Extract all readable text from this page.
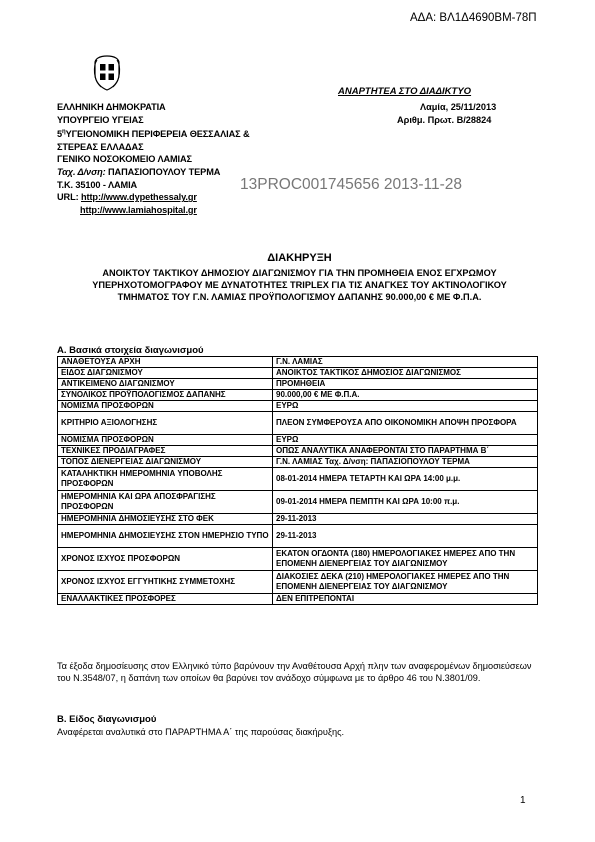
ΑΔΑ: ΒΛ1Δ4690ΒΜ-78Π
ΑΝΑΡΤΗΤΕΑ ΣΤΟ ΔΙΑΔΙΚΤΥΟ
ΕΛΛΗΝΙΚΗ ΔΗΜΟΚΡΑΤΙΑ
ΥΠΟΥΡΓΕΙΟ ΥΓΕΙΑΣ
$5^\eta\Upsilon\Gamma EIONOMIKH$ ΠΕΡΙΦΕΡΕΙΑ ΘΕΣΣΑΛΙΑΣ &
ΣΤΕΡΕΑΣ ΕΛΛΑΔΑΣ
ΓΕΝΙΚΟ ΝΟΣΟΚΟΜΕΙΟ ΛΑΜΙΑΣ
Ταχ. Δ/νση: ΠΑΠΑΣΙΟΠΟΥΛΟΥ ΤΕΡΜΑ
Τ.Κ. 35100 - ΛΑΜΙΑ
URL: http://www.dypethessaly.gr
http://www.lamiahospital.gr
Λαμία, 25/11/2013
Αριθμ. Πρωτ. Β/28824
13PROC001745656 2013-11-28
ΔΙΑΚΗΡΥΞΗ
ΑΝΟΙΚΤΟΥ ΤΑΚΤΙΚΟΥ ΔΗΜΟΣΙΟΥ ΔΙΑΓΩΝΙΣΜΟΥ ΓΙΑ ΤΗΝ ΠΡΟΜΗΘΕΙΑ ΕΝΟΣ ΕΓΧΡΩΜΟΥ
ΥΠΕΡΗΧΟΤΟΜΟΓΡΑΦΟΥ ΜΕ ΔΥΝΑΤΟΤΗΤΕΣ TRIPLEX ΓΙΑ ΤΙΣ ΑΝΑΓΚΕΣ ΤΟΥ ΑΚΤΙΝΟΛΟΓΙΚΟΥ
ΤΜΗΜΑΤΟΣ ΤΟΥ Γ.Ν. ΛΑΜΙΑΣ ΠΡΟΫΠΟΛΟΓΙΣΜΟΥ ΔΑΠΑΝΗΣ 90.000,00 € ΜΕ Φ.Π.Α.
Α. Βασικά στοιχεία διαγωνισμού
ΑΝΑΘΕΤΟΥΣΑ ΑΡΧΗ	Γ.Ν. ΛΑΜΙΑΣ
ΕΙΔΟΣ ΔΙΑΓΩΝΙΣΜΟΥ	ΑΝΟΙΚΤΟΣ ΤΑΚΤΙΚΟΣ ΔΗΜΟΣΙΟΣ ΔΙΑΓΩΝΙΣΜΟΣ
ΑΝΤΙΚΕΙΜΕΝΟ ΔΙΑΓΩΝΙΣΜΟΥ	ΠΡΟΜΗΘΕΙΑ
ΣΥΝΟΛΙΚΟΣ ΠΡΟΫΠΟΛΟΓΙΣΜΟΣ ΔΑΠΑΝΗΣ	90.000,00 € ΜΕ Φ.Π.Α.
ΝΟΜΙΣΜΑ ΠΡΟΣΦΟΡΩΝ	ΕΥΡΩ
ΚΡΙΤΗΡΙΟ ΑΞΙΟΛΟΓΗΣΗΣ	ΠΛΕΟΝ ΣΥΜΦΕΡΟΥΣΑ ΑΠΟ ΟΙΚΟΝΟΜΙΚΗ ΑΠΟΨΗ ΠΡΟΣΦΟΡΑ
ΝΟΜΙΣΜΑ ΠΡΟΣΦΟΡΩΝ	ΕΥΡΩ
ΤΕΧΝΙΚΕΣ ΠΡΟΔΙΑΓΡΑΦΕΣ	ΟΠΩΣ ΑΝΑΛΥΤΙΚΑ ΑΝΑΦΕΡΟΝΤΑΙ ΣΤΟ ΠΑΡΑΡΤΗΜΑ Β΄
ΤΟΠΟΣ ΔΙΕΝΕΡΓΕΙΑΣ ΔΙΑΓΩΝΙΣΜΟΥ	Γ.Ν. ΛΑΜΙΑΣ Ταχ. Δ/νση: ΠΑΠΑΣΙΟΠΟΥΛΟΥ ΤΕΡΜΑ
ΚΑΤΑΛΗΚΤΙΚΗ ΗΜΕΡΟΜΗΝΙΑ ΥΠΟΒΟΛΗΣ ΠΡΟΣΦΟΡΩΝ	08-01-2014 ΗΜΕΡΑ ΤΕΤΑΡΤΗ ΚΑΙ ΩΡΑ 14:00 μ.μ.
ΗΜΕΡΟΜΗΝΙΑ ΚΑΙ ΩΡΑ ΑΠΟΣΦΡΑΓΙΣΗΣ ΠΡΟΣΦΟΡΩΝ	09-01-2014 ΗΜΕΡΑ ΠΕΜΠΤΗ ΚΑΙ ΩΡΑ 10:00 π.μ.
ΗΜΕΡΟΜΗΝΙΑ ΔΗΜΟΣΙΕΥΣΗΣ ΣΤΟ ΦΕΚ	29-11-2013
ΗΜΕΡΟΜΗΝΙΑ ΔΗΜΟΣΙΕΥΣΗΣ ΣΤΟΝ ΗΜΕΡΗΣΙΟ ΤΥΠΟ	29-11-2013
ΧΡΟΝΟΣ ΙΣΧΥΟΣ ΠΡΟΣΦΟΡΩΝ	ΕΚΑΤΟΝ ΟΓΔΟΝΤΑ (180) ΗΜΕΡΟΛΟΓΙΑΚΕΣ ΗΜΕΡΕΣ ΑΠΟ ΤΗΝ ΕΠΟΜΕΝΗ ΔΙΕΝΕΡΓΕΙΑΣ ΤΟΥ ΔΙΑΓΩΝΙΣΜΟΥ
ΧΡΟΝΟΣ ΙΣΧΥΟΣ ΕΓΓΥΗΤΙΚΗΣ ΣΥΜΜΕΤΟΧΗΣ	ΔΙΑΚΟΣΙΕΣ ΔΕΚΑ (210) ΗΜΕΡΟΛΟΓΙΑΚΕΣ ΗΜΕΡΕΣ ΑΠΟ ΤΗΝ ΕΠΟΜΕΝΗ ΔΙΕΝΕΡΓΕΙΑΣ ΤΟΥ ΔΙΑΓΩΝΙΣΜΟΥ
ΕΝΑΛΛΑΚΤΙΚΕΣ ΠΡΟΣΦΟΡΕΣ	ΔΕΝ ΕΠΙΤΡΕΠΟΝΤΑΙ
Τα έξοδα δημοσίευσης στον Ελληνικό τύπο βαρύνουν την Αναθέτουσα Αρχή πλην των αναφερομένων δημοσιεύσεων του Ν.3548/07, η δαπάνη των οποίων θα βαρύνει τον ανάδοχο σύμφωνα με το άρθρο 46 του Ν.3801/09.
Β. Είδος διαγωνισμού
Αναφέρεται αναλυτικά στο ΠΑΡΑΡΤΗΜΑ Α΄ της παρούσας διακήρυξης.
1
